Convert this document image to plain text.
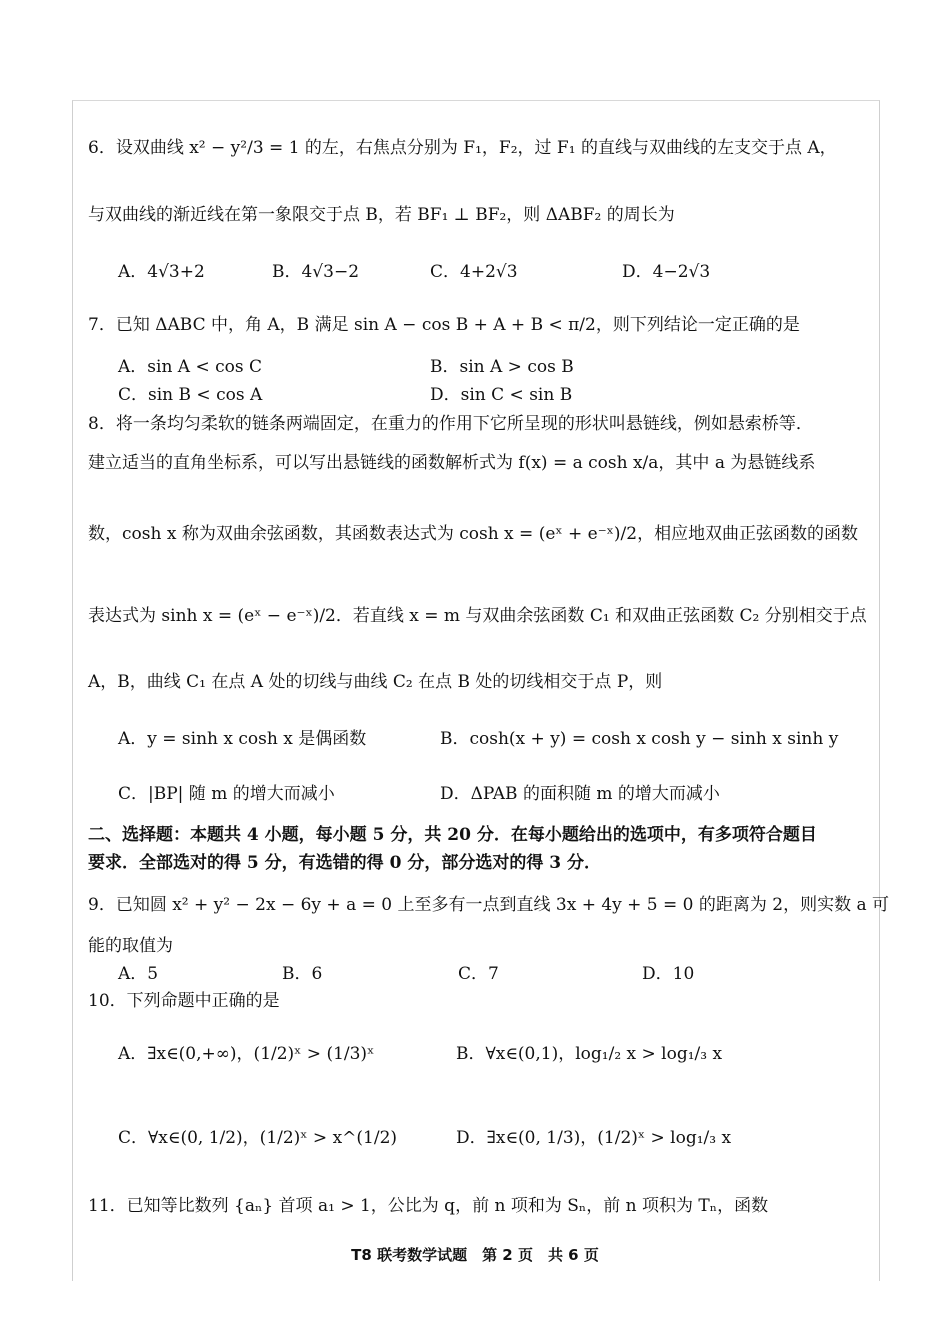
6．设双曲线 x² − y²/3 = 1 的左，右焦点分别为 F₁，F₂，过 F₁ 的直线与双曲线的左支交于点 A，
与双曲线的渐近线在第一象限交于点 B，若 BF₁ ⊥ BF₂，则 ΔABF₂ 的周长为
A．4√3+2	B．4√3−2	C．4+2√3	D．4−2√3
7．已知 ΔABC 中，角 A，B 满足 sin A − cos B + A + B < π/2，则下列结论一定正确的是
A．sin A < cos C	B．sin A > cos B
C．sin B < cos A	D．sin C < sin B
8．将一条均匀柔软的链条两端固定，在重力的作用下它所呈现的形状叫悬链线，例如悬索桥等．
建立适当的直角坐标系，可以写出悬链线的函数解析式为 f(x) = a cosh x/a，其中 a 为悬链线系
数，cosh x 称为双曲余弦函数，其函数表达式为 cosh x = (eˣ + e⁻ˣ)/2，相应地双曲正弦函数的函数
表达式为 sinh x = (eˣ − e⁻ˣ)/2．若直线 x = m 与双曲余弦函数 C₁ 和双曲正弦函数 C₂ 分别相交于点
A，B，曲线 C₁ 在点 A 处的切线与曲线 C₂ 在点 B 处的切线相交于点 P，则
A．y = sinh x cosh x 是偶函数	B．cosh(x + y) = cosh x cosh y − sinh x sinh y
C．|BP| 随 m 的增大而减小	D．ΔPAB 的面积随 m 的增大而减小
二、选择题：本题共 4 小题，每小题 5 分，共 20 分．在每小题给出的选项中，有多项符合题目
要求．全部选对的得 5 分，有选错的得 0 分，部分选对的得 3 分．
9．已知圆 x² + y² − 2x − 6y + a = 0 上至多有一点到直线 3x + 4y + 5 = 0 的距离为 2，则实数 a 可
能的取值为
A．5	B．6	C．7	D．10
10．下列命题中正确的是
A．∃x∈(0,+∞)，(1/2)ˣ > (1/3)ˣ	B．∀x∈(0,1)，log₁/₂ x > log₁/₃ x
C．∀x∈(0, 1/2)，(1/2)ˣ > x^(1/2)	D．∃x∈(0, 1/3)，(1/2)ˣ > log₁/₃ x
11．已知等比数列 {aₙ} 首项 a₁ > 1，公比为 q，前 n 项和为 Sₙ，前 n 项积为 Tₙ，函数
T8 联考数学试题　第 2 页　共 6 页
